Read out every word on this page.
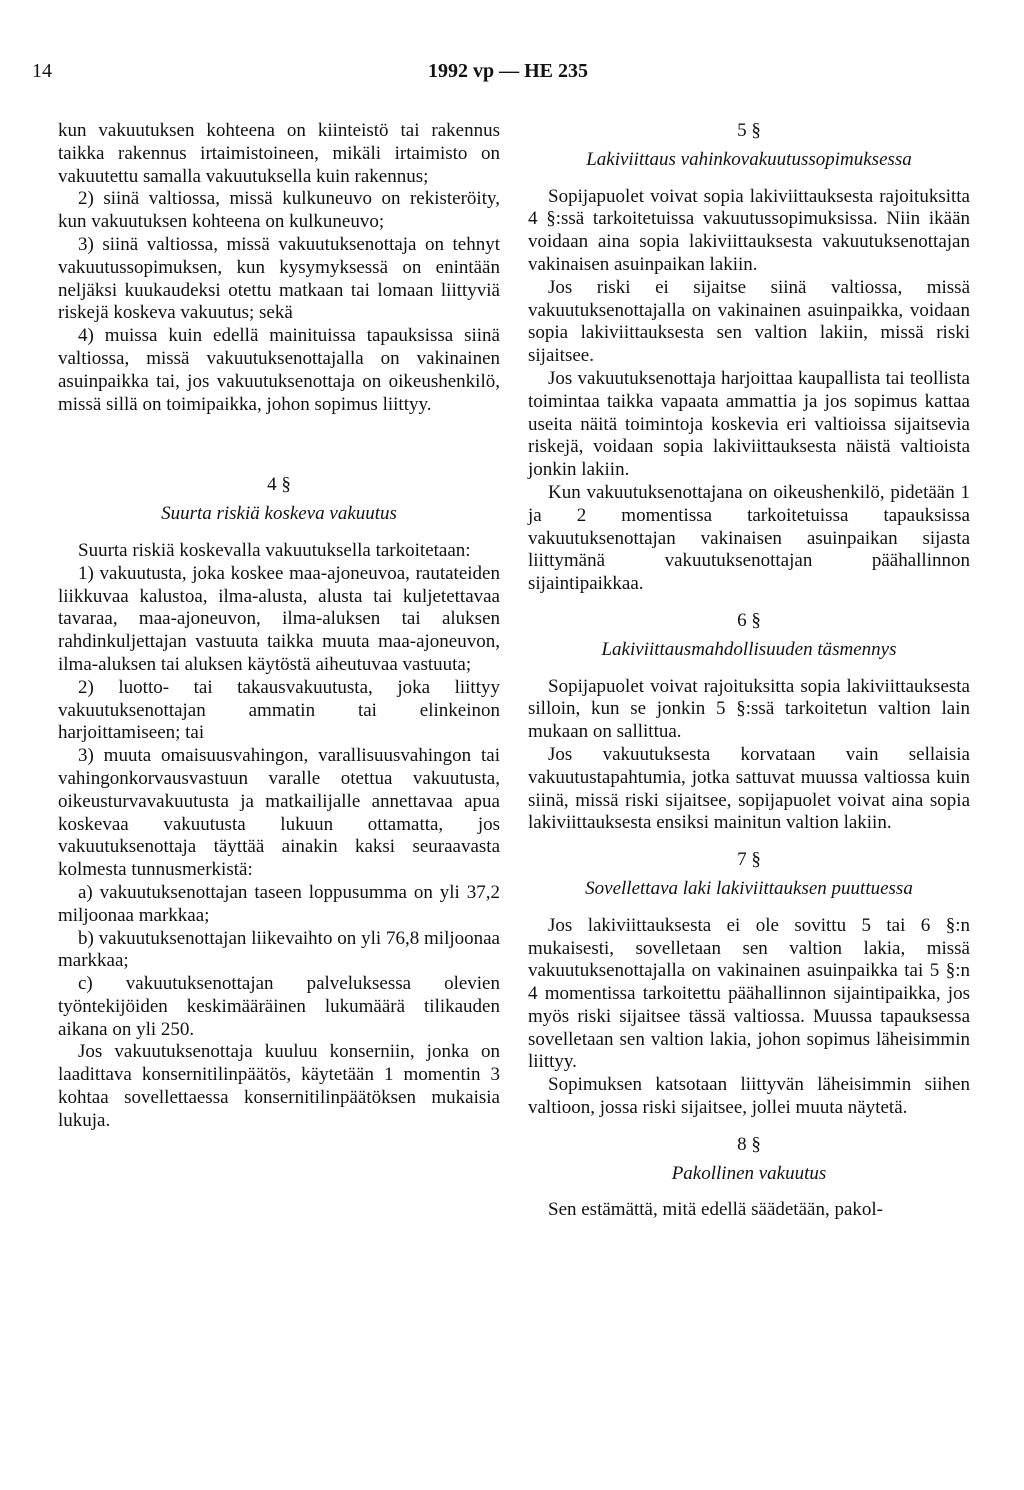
14	1992 vp — HE 235

kun vakuutuksen kohteena on kiinteistö tai rakennus taikka rakennus irtaimistoineen, mikäli irtaimisto on vakuutettu samalla vakuutuksella kuin rakennus;

2) siinä valtiossa, missä kulkuneuvo on rekisteröity, kun vakuutuksen kohteena on kulkuneuvo;

3) siinä valtiossa, missä vakuutuksenottaja on tehnyt vakuutussopimuksen, kun kysymyksessä on enintään neljäksi kuukaudeksi otettu matkaan tai lomaan liittyviä riskejä koskeva vakuutus; sekä

4) muissa kuin edellä mainituissa tapauksissa siinä valtiossa, missä vakuutuksenottajalla on vakinainen asuinpaikka tai, jos vakuutuksenottaja on oikeushenkilö, missä sillä on toimipaikka, johon sopimus liittyy.

4 §

Suurta riskiä koskeva vakuutus

Suurta riskiä koskevalla vakuutuksella tarkoitetaan:

1) vakuutusta, joka koskee maa-ajoneuvoa, rautateiden liikkuvaa kalustoa, ilma-alusta, alusta tai kuljetettavaa tavaraa, maa-ajoneuvon, ilma-aluksen tai aluksen rahdinkuljettajan vastuuta taikka muuta maa-ajoneuvon, ilma-aluksen tai aluksen käytöstä aiheutuvaa vastuuta;

2) luotto- tai takausvakuutusta, joka liittyy vakuutuksenottajan ammatin tai elinkeinon harjoittamiseen; tai

3) muuta omaisuusvahingon, varallisuusvahingon tai vahingonkorvausvastuun varalle otettua vakuutusta, oikeusturvavakuutusta ja matkailijalle annettavaa apua koskevaa vakuutusta lukuun ottamatta, jos vakuutuksenottaja täyttää ainakin kaksi seuraavasta kolmesta tunnusmerkistä:

a) vakuutuksenottajan taseen loppusumma on yli 37,2 miljoonaa markkaa;

b) vakuutuksenottajan liikevaihto on yli 76,8 miljoonaa markkaa;

c) vakuutuksenottajan palveluksessa olevien työntekijöiden keskimääräinen lukumäärä tilikauden aikana on yli 250.

Jos vakuutuksenottaja kuuluu konserniin, jonka on laadittava konsernitilinpäätös, käytetään 1 momentin 3 kohtaa sovellettaessa konsernitilinpäätöksen mukaisia lukuja.

5 §

Lakiviittaus vahinkovakuutussopimuksessa

Sopijapuolet voivat sopia lakiviittauksesta rajoituksitta 4 §:ssä tarkoitetuissa vakuutussopimuksissa. Niin ikään voidaan aina sopia lakiviittauksesta vakuutuksenottajan vakinaisen asuinpaikan lakiin.

Jos riski ei sijaitse siinä valtiossa, missä vakuutuksenottajalla on vakinainen asuinpaikka, voidaan sopia lakiviittauksesta sen valtion lakiin, missä riski sijaitsee.

Jos vakuutuksenottaja harjoittaa kaupallista tai teollista toimintaa taikka vapaata ammattia ja jos sopimus kattaa useita näitä toimintoja koskevia eri valtioissa sijaitsevia riskejä, voidaan sopia lakiviittauksesta näistä valtioista jonkin lakiin.

Kun vakuutuksenottajana on oikeushenkilö, pidetään 1 ja 2 momentissa tarkoitetuissa tapauksissa vakuutuksenottajan vakinaisen asuinpaikan sijasta liittymänä vakuutuksenottajan päähallinnon sijaintipaikkaa.

6 §

Lakiviittausmahdollisuuden täsmennys

Sopijapuolet voivat rajoituksitta sopia lakiviittauksesta silloin, kun se jonkin 5 §:ssä tarkoitetun valtion lain mukaan on sallittua.

Jos vakuutuksesta korvataan vain sellaisia vakuutustapahtumia, jotka sattuvat muussa valtiossa kuin siinä, missä riski sijaitsee, sopijapuolet voivat aina sopia lakiviittauksesta ensiksi mainitun valtion lakiin.

7 §

Sovellettava laki lakiviittauksen puuttuessa

Jos lakiviittauksesta ei ole sovittu 5 tai 6 §:n mukaisesti, sovelletaan sen valtion lakia, missä vakuutuksenottajalla on vakinainen asuinpaikka tai 5 §:n 4 momentissa tarkoitettu päähallinnon sijaintipaikka, jos myös riski sijaitsee tässä valtiossa. Muussa tapauksessa sovelletaan sen valtion lakia, johon sopimus läheisimmin liittyy.

Sopimuksen katsotaan liittyvän läheisimmin siihen valtioon, jossa riski sijaitsee, jollei muuta näytetä.

8 §

Pakollinen vakuutus

Sen estämättä, mitä edellä säädetään, pakol-
